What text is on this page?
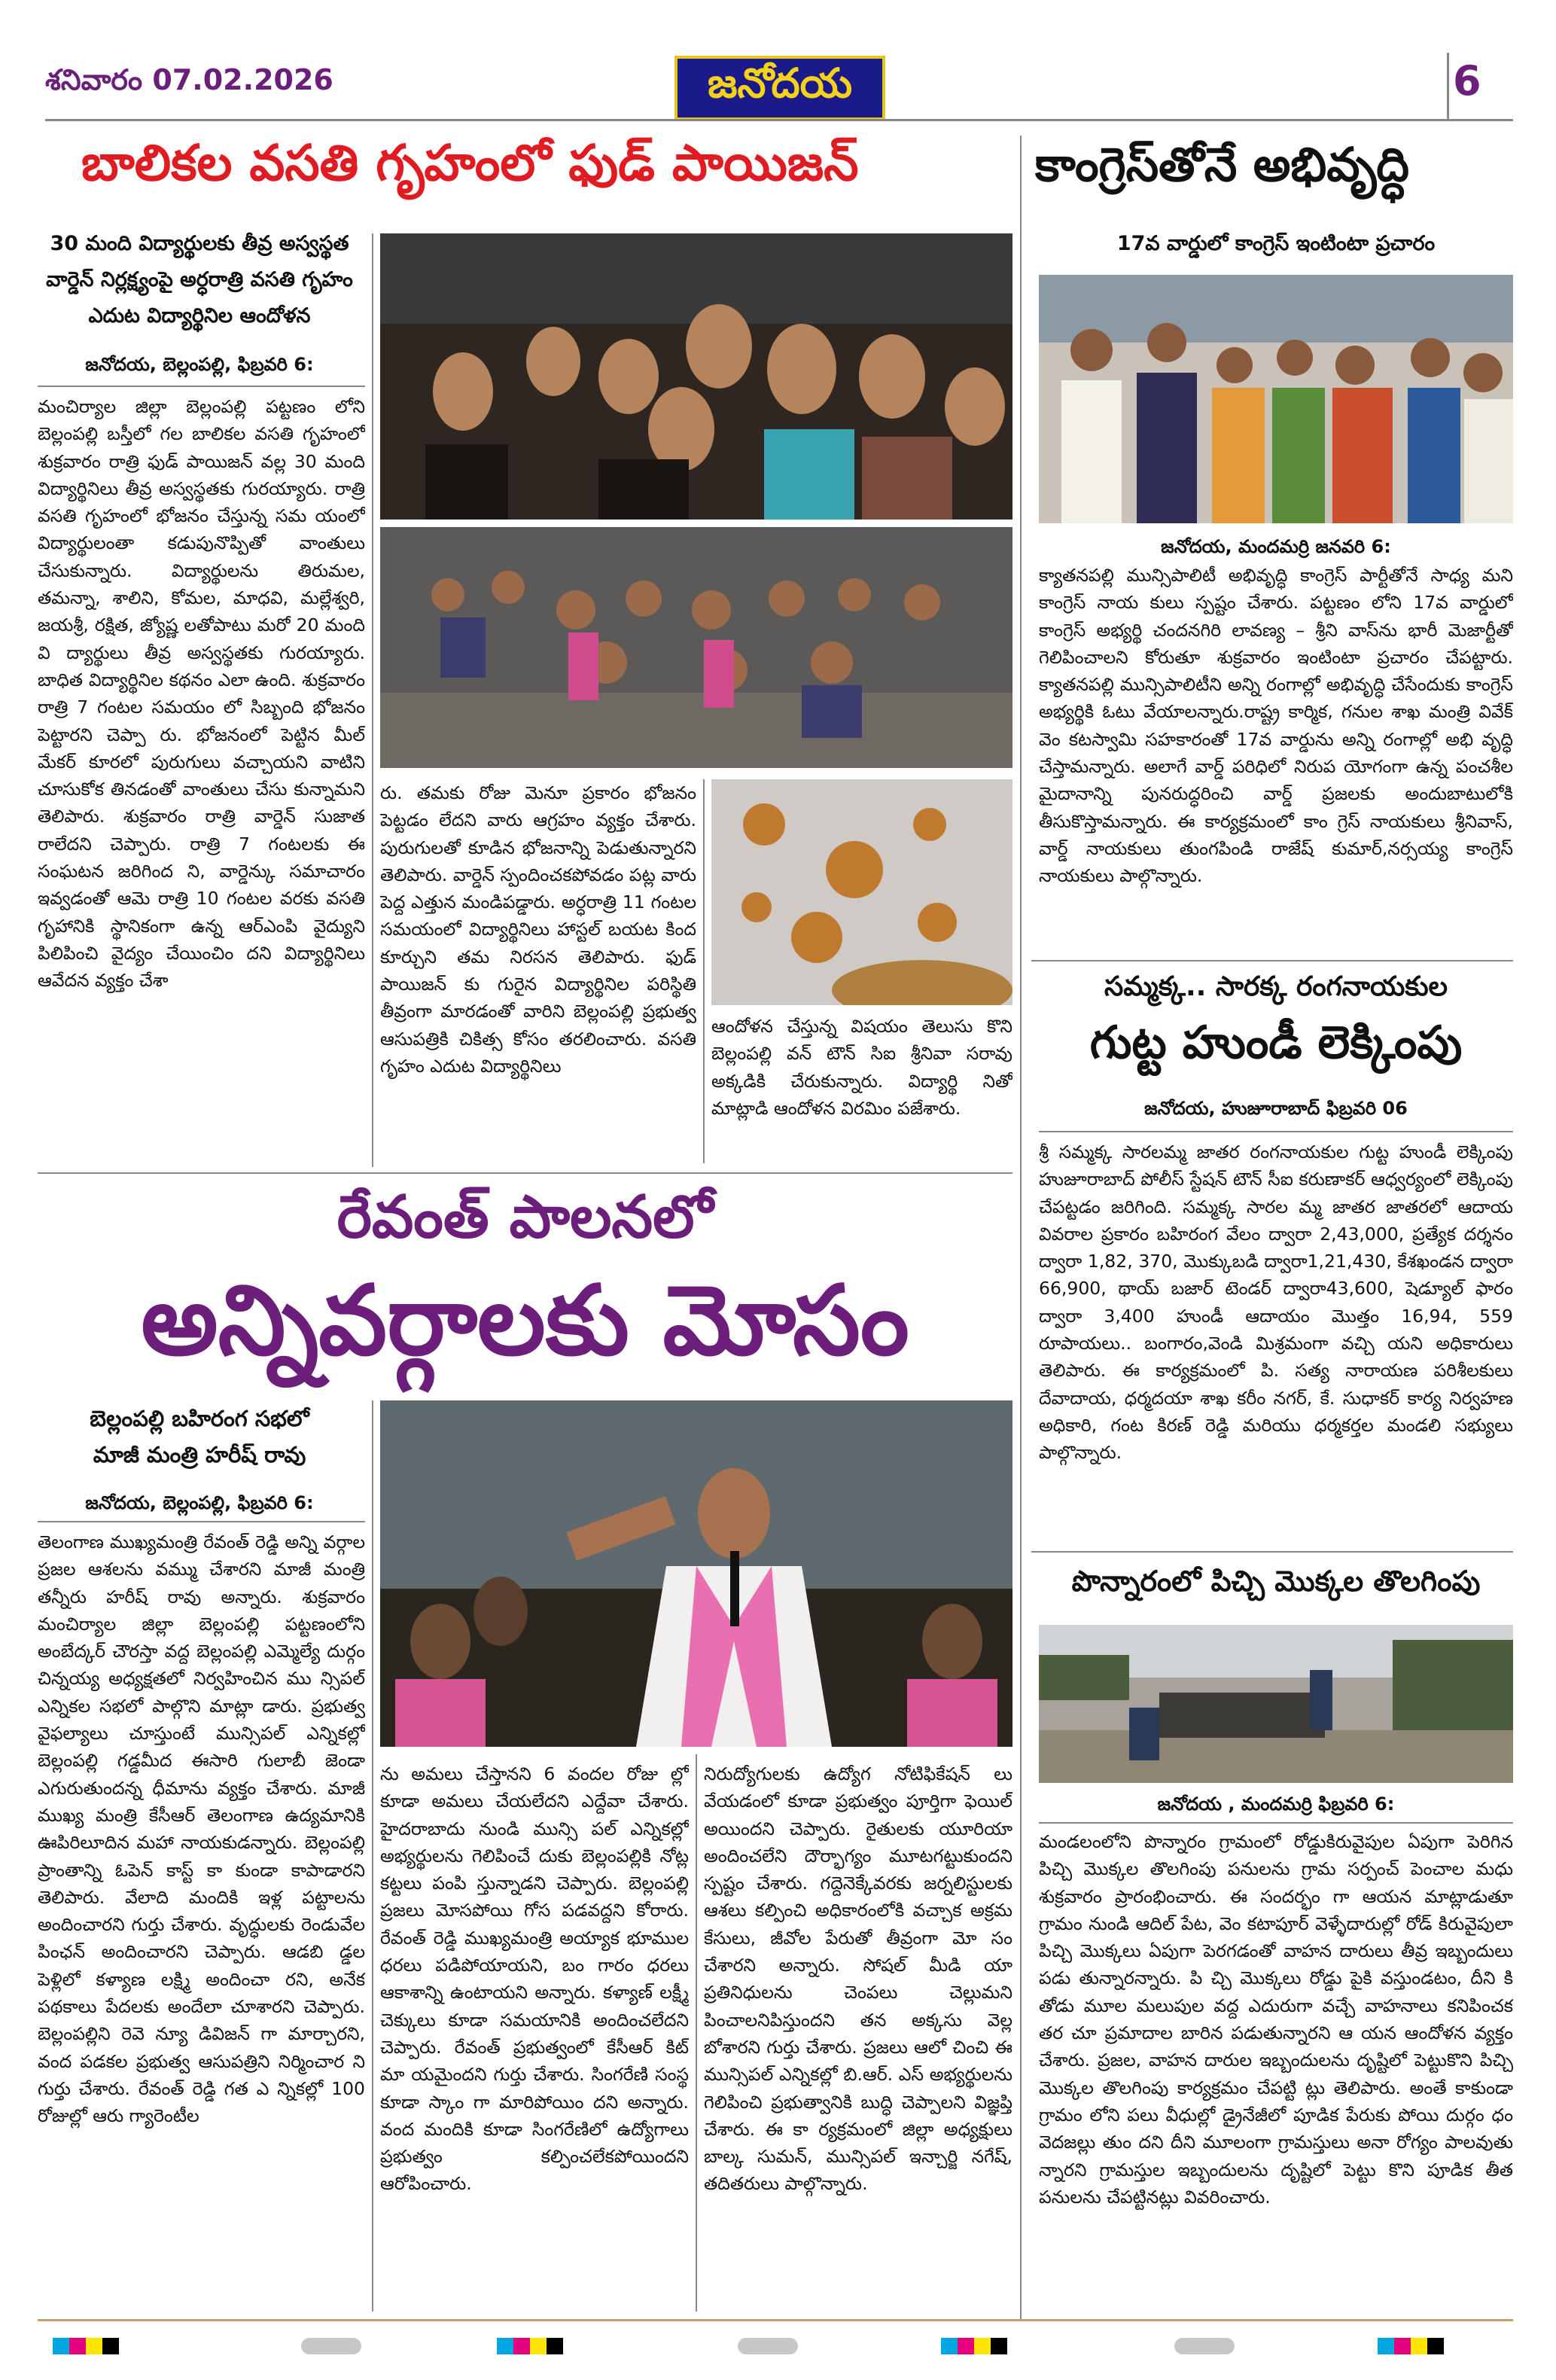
శనివారం 07.02.2026	జనోదయ	6
బాలికల వసతి గృహంలో ఫుడ్ పాయిజన్
30 మంది విద్యార్థులకు తీవ్ర అస్వస్థత
వార్డెన్ నిర్లక్ష్యంపై అర్ధరాత్రి వసతి గృహం
ఎదుట విద్యార్థినిల ఆందోళన
జనోదయ, బెల్లంపల్లి, ఫిబ్రవరి 6:
మంచిర్యాల జిల్లా బెల్లంపల్లి పట్టణం లోని బెల్లంపల్లి బస్తీలో గల బాలికల వసతి గృహంలో శుక్రవారం రాత్రి ఫుడ్ పాయిజన్ వల్ల 30 మంది విద్యార్థినిలు తీవ్ర అస్వస్థతకు గురయ్యారు. రాత్రి వసతి గృహంలో భోజనం చేస్తున్న సమ యంలో విద్యార్థులంతా కడుపునొప్పితో వాంతులు చేసుకున్నారు. విద్యార్థులను తిరుమల, తమన్నా, శాలిని, కోమల, మాధవి, మల్లేశ్వరి, జయశ్రీ, రక్షిత, జ్యోష్ణ లతోపాటు మరో 20 మంది వి ద్యార్థులు తీవ్ర అస్వస్థతకు గురయ్యారు. బాధిత విద్యార్థినిల కథనం ఎలా ఉంది. శుక్రవారం రాత్రి 7 గంటల సమయం లో సిబ్బంది భోజనం పెట్టారని చెప్పా రు. భోజనంలో పెట్టిన మీల్ మేకర్ కూరలో పురుగులు వచ్చాయని వాటిని చూసుకోక తినడంతో వాంతులు చేసు కున్నామని తెలిపారు. శుక్రవారం రాత్రి వార్డెన్ సుజాత రాలేదని చెప్పారు. రాత్రి 7 గంటలకు ఈ సంఘటన జరిగింద ని, వార్డెన్కు సమాచారం ఇవ్వడంతో ఆమె రాత్రి 10 గంటల వరకు వసతి గృహానికి స్థానికంగా ఉన్న ఆర్ఎంపి వైద్యుని పిలిపించి వైద్యం చేయించిం దని విద్యార్థినిలు ఆవేదన వ్యక్తం చేశా
రు. తమకు రోజు మెనూ ప్రకారం భోజనం పెట్టడం లేదని వారు ఆగ్రహం వ్యక్తం చేశారు. పురుగులతో కూడిన భోజనాన్ని పెడుతున్నారని తెలిపారు. వార్డెన్ స్పందించకపోవడం పట్ల వారు పెద్ద ఎత్తున మండిపడ్డారు. అర్ధరాత్రి 11 గంటల సమయంలో విద్యార్థినిలు హాస్టల్ బయట కింద కూర్చుని తమ నిరసన తెలిపారు. ఫుడ్ పాయిజన్ కు గురైన విద్యార్థినిల పరిస్థితి తీవ్రంగా మారడంతో వారిని బెల్లంపల్లి ప్రభుత్వ ఆసుపత్రికి చికిత్స కోసం తరలించారు. వసతి గృహం ఎదుట విద్యార్థినిలు
ఆందోళన చేస్తున్న విషయం తెలుసు కొని బెల్లంపల్లి వన్ టౌన్ సిఐ శ్రీనివా సరావు అక్కడికి చేరుకున్నారు. విద్యార్థి నితో మాట్లాడి ఆందోళన విరమిం పజేశారు.
కాంగ్రెస్‌తోనే అభివృద్ధి
17వ వార్డులో కాంగ్రెస్ ఇంటింటా ప్రచారం
జనోదయ, మందమర్రి జనవరి 6:
క్యాతనపల్లి మున్సిపాలిటీ అభివృద్ధి కాంగ్రెస్ పార్టీతోనే సాధ్య మని కాంగ్రెస్ నాయ కులు స్పష్టం చేశారు. పట్టణం లోని 17వ వార్డులో కాంగ్రెస్ అభ్యర్థి చందనగిరి లావణ్య – శ్రీని వాస్‌ను భారీ మెజార్టీతో గెలిపించాలని కోరుతూ శుక్రవారం ఇంటింటా ప్రచారం చేపట్టారు. క్యాతనపల్లి మున్సిపాలిటీని అన్ని రంగాల్లో అభివృద్ధి చేసేందుకు కాంగ్రెస్ అభ్యర్థికి ఓటు వేయాలన్నారు.రాష్ట్ర కార్మిక, గనుల శాఖ మంత్రి వివేక్ వెం కటస్వామి సహకారంతో 17వ వార్డును అన్ని రంగాల్లో అభి వృద్ధి చేస్తామన్నారు. అలాగే వార్డ్ పరిధిలో నిరుప యోగంగా ఉన్న పంచశీల మైదానాన్ని పునరుద్ధరించి వార్డ్ ప్రజలకు అందుబాటులోకి తీసుకొస్తామన్నారు. ఈ కార్యక్రమంలో కాం గ్రెస్ నాయకులు శ్రీనివాస్, వార్డ్ నాయకులు తుంగపిండి రాజేష్ కుమార్,నర్సయ్య కాంగ్రెస్ నాయకులు పాల్గొన్నారు.
సమ్మక్క.. సారక్క రంగనాయకుల
గుట్ట హుండీ లెక్కింపు
జనోదయ, హుజూరాబాద్ ఫిబ్రవరి 06
శ్రీ సమ్మక్క సారలమ్మ జాతర రంగనాయకుల గుట్ట హుండీ లెక్కింపు హుజూరాబాద్ పోలీస్ స్టేషన్ టౌన్ సీఐ కరుణాకర్ ఆధ్వర్యంలో లెక్కింపు చేపట్టడం జరిగింది. సమ్మక్క సారల మ్మ జాతర జాతరలో ఆదాయ వివరాల ప్రకారం బహిరంగ వేలం ద్వారా 2,43,000, ప్రత్యేక దర్శనం ద్వారా 1,82, 370, మొక్కుబడి ద్వారా1,21,430, కేశఖండన ద్వారా 66,900, థాయ్ బజార్ టెండర్ ద్వారా43,600, షెడ్యూల్ ఫారం ద్వారా 3,400 హుండీ ఆదాయం మొత్తం 16,94, 559 రూపాయలు.. బంగారం,వెండి మిశ్రమంగా వచ్చి యని అధికారులు తెలిపారు. ఈ కార్యక్రమంలో పి. సత్య నారాయణ పరిశీలకులు దేవాదాయ, ధర్మదయా శాఖ కరీం నగర్, కే. సుధాకర్ కార్య నిర్వహణ అధికారి, గంట కిరణ్ రెడ్డి మరియు ధర్మకర్తల మండలి సభ్యులు పాల్గొన్నారు.
పొన్నారంలో పిచ్చి మొక్కల తొలగింపు
జనోదయ , మందమర్రి ఫిబ్రవరి 6:
మండలంలోని పొన్నారం గ్రామంలో రోడ్డుకిరువైపుల ఏపుగా పెరిగిన పిచ్చి మొక్కల తొలగింపు పనులను గ్రామ సర్పంచ్ పెంచాల మధు శుక్రవారం ప్రారంభించారు. ఈ సందర్భం గా ఆయన మాట్లాడుతూ గ్రామం నుండి ఆదిల్ పేట, వెం కటాపూర్ వెళ్ళేదారుల్లో రోడ్ కిరువైపులా పిచ్చి మొక్కలు ఏపుగా పెరగడంతో వాహన దారులు తీవ్ర ఇబ్బందులు పడు తున్నారన్నారు. పి చ్చి మొక్కలు రోడ్డు పైకి వస్తుండటం, దీని కి తోడు మూల మలుపుల వద్ద ఎదురుగా వచ్చే వాహనాలు కనిపించక తర చూ ప్రమాదాల బారిన పడుతున్నారని ఆ యన ఆందోళన వ్యక్తం చేశారు. ప్రజల, వాహన దారుల ఇబ్బందులను దృష్టిలో పెట్టుకొని పిచ్చి మొక్కల తొలగింపు కార్యక్రమం చేపట్టి ట్లు తెలిపారు. అంతే కాకుండా గ్రామం లోని పలు వీధుల్లో డ్రైనేజీలో పూడిక పేరుకు పోయి దుర్గం ధం వెదజల్లు తుం దని దీని మూలంగా గ్రామస్తులు అనా రోగ్యం పాలవుతు న్నారని గ్రామస్తుల ఇబ్బందులను దృష్టిలో పెట్టు కొని పూడిక తీత పనులను చేపట్టినట్లు వివరించారు.
రేవంత్ పాలనలో
అన్నివర్గాలకు మోసం
బెల్లంపల్లి బహిరంగ సభలో
మాజీ మంత్రి హరీష్ రావు
జనోదయ, బెల్లంపల్లి, ఫిబ్రవరి 6:
తెలంగాణ ముఖ్యమంత్రి రేవంత్ రెడ్డి అన్ని వర్గాల ప్రజల ఆశలను వమ్ము చేశారని మాజీ మంత్రి తన్నీరు హరీష్ రావు అన్నారు. శుక్రవారం మంచిర్యాల జిల్లా బెల్లంపల్లి పట్టణంలోని అంబేద్కర్ చౌరస్తా వద్ద బెల్లంపల్లి ఎమ్మెల్యే దుర్గం చిన్నయ్య అధ్యక్షతలో నిర్వహించిన ము న్సిపల్ ఎన్నికల సభలో పాల్గొని మాట్లా డారు. ప్రభుత్వ వైఫల్యాలు చూస్తుంటే మున్సిపల్ ఎన్నికల్లో బెల్లంపల్లి గడ్డమీద ఈసారి గులాబీ జెండా ఎగురుతుందన్న ధీమాను వ్యక్తం చేశారు. మాజీ ముఖ్య మంత్రి కేసీఆర్ తెలంగాణ ఉద్యమానికి ఊపిరిలూదిన మహా నాయకుడన్నారు. బెల్లంపల్లి ప్రాంతాన్ని ఓపెన్ కాస్ట్ కా కుండా కాపాడారని తెలిపారు. వేలాది మందికి ఇళ్ల పట్టాలను అందించారని గుర్తు చేశారు. వృద్ధులకు రెండువేల పింఛన్ అందించారని చెప్పారు. ఆడబి డ్డల పెళ్లిలో కళ్యాణ లక్ష్మి అందించా రని, అనేక పథకాలు పేదలకు అందేలా చూశారని చెప్పారు. బెల్లంపల్లిని రెవె న్యూ డివిజన్ గా మార్చారని, వంద పడకల ప్రభుత్వ ఆసుపత్రిని నిర్మించార ని గుర్తు చేశారు. రేవంత్ రెడ్డి గత ఎ న్నికల్లో 100 రోజుల్లో ఆరు గ్యారెంటీల
ను అమలు చేస్తానని 6 వందల రోజు ల్లో కూడా అమలు చేయలేదని ఎద్దేవా చేశారు. హైదరాబాదు నుండి మున్సి పల్ ఎన్నికల్లో అభ్యర్థులను గెలిపించే దుకు బెల్లంపల్లికి నోట్ల కట్టలు పంపి స్తున్నాడని చెప్పారు. బెల్లంపల్లి ప్రజలు మోసపోయి గోస పడవద్దని కోరారు. రేవంత్ రెడ్డి ముఖ్యమంత్రి అయ్యాక భూముల ధరలు పడిపోయాయని, బం గారం ధరలు ఆకాశాన్ని ఉంటాయని అన్నారు. కళ్యాణ్ లక్ష్మీ చెక్కులు కూడా సమయానికి అందించలేదని చెప్పారు. రేవంత్ ప్రభుత్వంలో కేసీఆర్ కిట్ మా యమైందని గుర్తు చేశారు. సింగరేణి సంస్థ కూడా స్కాం గా మారిపోయిం దని అన్నారు. వంద మందికి కూడా సింగరేణిలో ఉద్యోగాలు ప్రభుత్వం కల్పించలేకపోయిందని ఆరోపించారు.
నిరుద్యోగులకు ఉద్యోగ నోటిఫికేషన్ లు వేయడంలో కూడా ప్రభుత్వం పూర్తిగా ఫెయిల్ అయిందని చెప్పారు. రైతులకు యూరియా అందించలేని దౌర్భాగ్యం మూటగట్టుకుందని స్పష్టం చేశారు. గద్దెనెక్కేవరకు జర్నలిస్టులకు ఆశలు కల్పించి అధికారంలోకి వచ్చాక అక్రమ కేసులు, జీవోల పేరుతో తీవ్రంగా మో సం చేశారని అన్నారు. సోషల్ మీడి యా ప్రతినిధులను చెంపలు చెల్లుమని పించాలనిపిస్తుందని తన అక్కసు వెల్ల బోశారని గుర్తు చేశారు. ప్రజలు ఆలో చించి ఈ మున్సిపల్ ఎన్నికల్లో బి.ఆర్. ఎస్ అభ్యర్థులను గెలిపించి ప్రభుత్వానికి బుద్ధి చెప్పాలని విజ్ఞప్తి చేశారు. ఈ కా ర్యక్రమంలో జిల్లా అధ్యక్షులు బాల్క సుమన్, మున్సిపల్ ఇన్చార్జి నగేష్, తదితరులు పాల్గొన్నారు.
